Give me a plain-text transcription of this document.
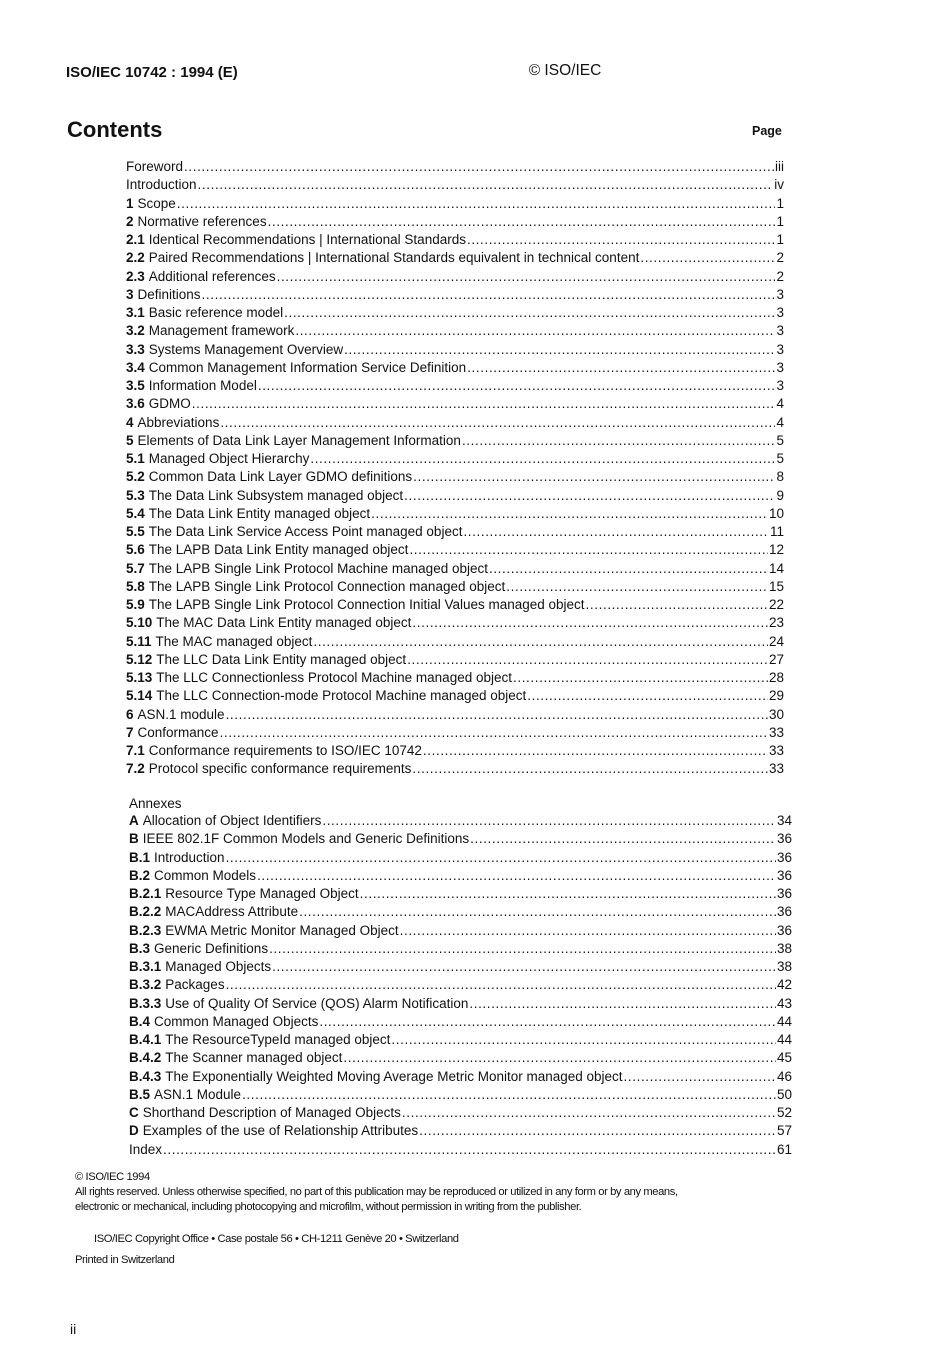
ISO/IEC 10742 : 1994 (E)	© ISO/IEC
Contents	Page
Foreword .....	iii
Introduction .....	iv
1 Scope .....	1
2 Normative references .....	1
2.1 Identical Recommendations | International Standards .....	1
2.2 Paired Recommendations | International Standards equivalent in technical content .....	2
2.3 Additional references .....	2
3 Definitions .....	3
3.1 Basic reference model .....	3
3.2 Management framework .....	3
3.3 Systems Management Overview .....	3
3.4 Common Management Information Service Definition .....	3
3.5 Information Model .....	3
3.6 GDMO .....	4
4 Abbreviations .....	4
5 Elements of Data Link Layer Management Information .....	5
5.1 Managed Object Hierarchy .....	5
5.2 Common Data Link Layer GDMO definitions .....	8
5.3 The Data Link Subsystem managed object .....	9
5.4 The Data Link Entity managed object .....	10
5.5 The Data Link Service Access Point managed object .....	11
5.6 The LAPB Data Link Entity managed object .....	12
5.7 The LAPB Single Link Protocol Machine managed object .....	14
5.8 The LAPB Single Link Protocol Connection managed object .....	15
5.9 The LAPB Single Link Protocol Connection Initial Values managed object .....	22
5.10 The MAC Data Link Entity managed object .....	23
5.11 The MAC managed object .....	24
5.12 The LLC Data Link Entity managed object .....	27
5.13 The LLC Connectionless Protocol Machine managed object .....	28
5.14 The LLC Connection-mode Protocol Machine managed object .....	29
6 ASN.1 module .....	30
7 Conformance .....	33
7.1 Conformance requirements to ISO/IEC 10742 .....	33
7.2 Protocol specific conformance requirements .....	33
Annexes
A Allocation of Object Identifiers .....	34
B IEEE 802.1F Common Models and Generic Definitions .....	36
B.1 Introduction .....	36
B.2 Common Models .....	36
B.2.1 Resource Type Managed Object .....	36
B.2.2 MACAddress Attribute .....	36
B.2.3 EWMA Metric Monitor Managed Object .....	36
B.3 Generic Definitions .....	38
B.3.1 Managed Objects .....	38
B.3.2 Packages .....	42
B.3.3 Use of Quality Of Service (QOS) Alarm Notification .....	43
B.4 Common Managed Objects .....	44
B.4.1 The ResourceTypeId managed object .....	44
B.4.2 The Scanner managed object .....	45
B.4.3 The Exponentially Weighted Moving Average Metric Monitor managed object .....	46
B.5 ASN.1 Module .....	50
C Shorthand Description of Managed Objects .....	52
D Examples of the use of Relationship Attributes .....	57
Index .....	61
© ISO/IEC 1994
All rights reserved. Unless otherwise specified, no part of this publication may be reproduced or utilized in any form or by any means, electronic or mechanical, including photocopying and microfilm, without permission in writing from the publisher.
ISO/IEC Copyright Office • Case postale 56 • CH-1211 Genève 20 • Switzerland
Printed in Switzerland
ii
